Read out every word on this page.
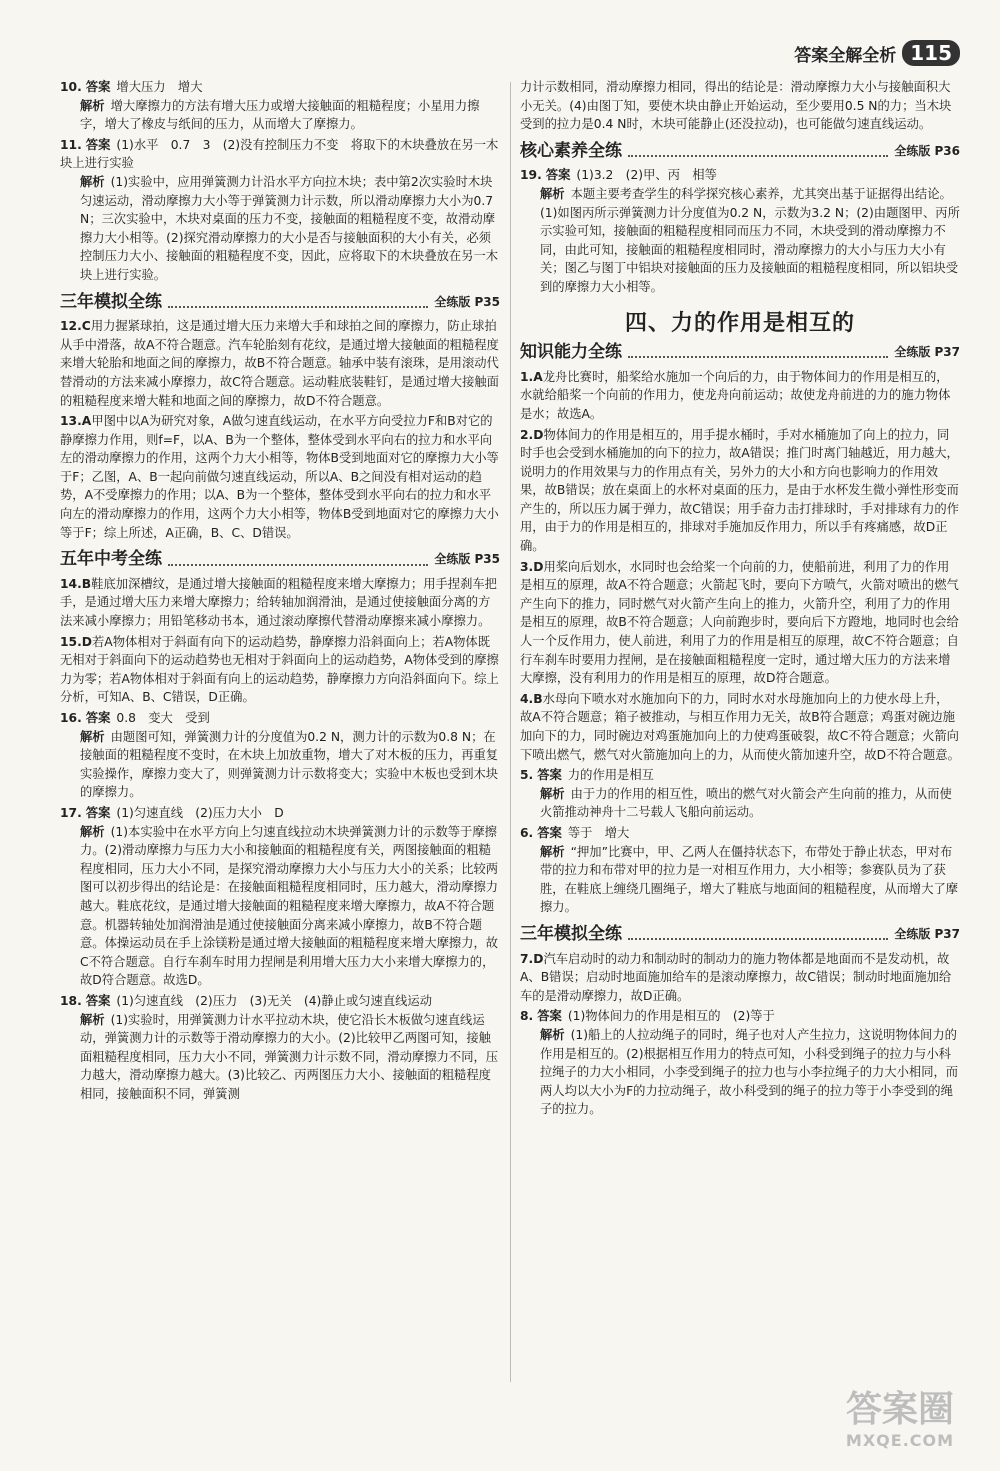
答案全解全析 115
10. 答案 增大压力　增大
解析 增大摩擦力的方法有增大压力或增大接触面的粗糙程度；小星用力擦字，增大了橡皮与纸间的压力，从而增大了摩擦力。
11. 答案 (1)水平　0.7　3　(2)没有控制压力不变　将取下的木块叠放在另一木块上进行实验
解析 (1)实验中，应用弹簧测力计沿水平方向拉木块；表中第2次实验时木块匀速运动，滑动摩擦力大小等于弹簧测力计示数，所以滑动摩擦力大小为0.7 N；三次实验中，木块对桌面的压力不变，接触面的粗糙程度不变，故滑动摩擦力大小相等。(2)探究滑动摩擦力的大小是否与接触面积的大小有关，必须控制压力大小、接触面的粗糙程度不变，因此，应将取下的木块叠放在另一木块上进行实验。
三年模拟全练	全练版 P35
12.C用力握紧球拍，这是通过增大压力来增大手和球拍之间的摩擦力，防止球拍从手中滑落，故A不符合题意。汽车轮胎刻有花纹，是通过增大接触面的粗糙程度来增大轮胎和地面之间的摩擦力，故B不符合题意。轴承中装有滚珠，是用滚动代替滑动的方法来减小摩擦力，故C符合题意。运动鞋底装鞋钉，是通过增大接触面的粗糙程度来增大鞋和地面之间的摩擦力，故D不符合题意。
13.A甲图中以A为研究对象，A做匀速直线运动，在水平方向受拉力F和B对它的静摩擦力作用，则f=F，以A、B为一个整体，整体受到水平向右的拉力和水平向左的滑动摩擦力的作用，这两个力大小相等，物体B受到地面对它的摩擦力大小等于F；乙图，A、B一起向前做匀速直线运动，所以A、B之间没有相对运动的趋势，A不受摩擦力的作用；以A、B为一个整体，整体受到水平向右的拉力和水平向左的滑动摩擦力的作用，这两个力大小相等，物体B受到地面对它的摩擦力大小等于F；综上所述，A正确，B、C、D错误。
五年中考全练	全练版 P35
14.B鞋底加深槽纹，是通过增大接触面的粗糙程度来增大摩擦力；用手捏刹车把手，是通过增大压力来增大摩擦力；给转轴加润滑油，是通过使接触面分离的方法来减小摩擦力；用铅笔移动书本，通过滚动摩擦代替滑动摩擦来减小摩擦力。
15.D若A物体相对于斜面有向下的运动趋势，静摩擦力沿斜面向上；若A物体既无相对于斜面向下的运动趋势也无相对于斜面向上的运动趋势，A物体受到的摩擦力为零；若A物体相对于斜面有向上的运动趋势，静摩擦力方向沿斜面向下。综上分析，可知A、B、C错误，D正确。
16. 答案 0.8　变大　受到
解析 由题图可知，弹簧测力计的分度值为0.2 N，测力计的示数为0.8 N；在接触面的粗糙程度不变时，在木块上加放重物，增大了对木板的压力，再重复实验操作，摩擦力变大了，则弹簧测力计示数将变大；实验中木板也受到木块的摩擦力。
17. 答案 (1)匀速直线　(2)压力大小　D
解析 (1)本实验中在水平方向上匀速直线拉动木块弹簧测力计的示数等于摩擦力。(2)滑动摩擦力与压力大小和接触面的粗糙程度有关，两图接触面的粗糙程度相同，压力大小不同，是探究滑动摩擦力大小与压力大小的关系；比较两图可以初步得出的结论是：在接触面粗糙程度相同时，压力越大，滑动摩擦力越大。鞋底花纹，是通过增大接触面的粗糙程度来增大摩擦力，故A不符合题意。机器转轴处加润滑油是通过使接触面分离来减小摩擦力，故B不符合题意。体操运动员在手上涂镁粉是通过增大接触面的粗糙程度来增大摩擦力，故C不符合题意。自行车刹车时用力捏闸是利用增大压力大小来增大摩擦力的，故D符合题意。故选D。
18. 答案 (1)匀速直线　(2)压力　(3)无关　(4)静止或匀速直线运动
解析 (1)实验时，用弹簧测力计水平拉动木块，使它沿长木板做匀速直线运动，弹簧测力计的示数等于滑动摩擦力的大小。(2)比较甲乙两图可知，接触面粗糙程度相同，压力大小不同，弹簧测力计示数不同，滑动摩擦力不同，压力越大，滑动摩擦力越大。(3)比较乙、丙两图压力大小、接触面的粗糙程度相同，接触面积不同，弹簧测
力计示数相同，滑动摩擦力相同，得出的结论是：滑动摩擦力大小与接触面积大小无关。(4)由图丁知，要使木块由静止开始运动，至少要用0.5 N的力；当木块受到的拉力是0.4 N时，木块可能静止(还没拉动)，也可能做匀速直线运动。
核心素养全练	全练版 P36
19. 答案 (1)3.2　(2)甲、丙　相等
解析 本题主要考查学生的科学探究核心素养，尤其突出基于证据得出结论。(1)如图丙所示弹簧测力计分度值为0.2 N，示数为3.2 N；(2)由题图甲、丙所示实验可知，接触面的粗糙程度相同而压力不同，木块受到的滑动摩擦力不同，由此可知，接触面的粗糙程度相同时，滑动摩擦力的大小与压力大小有关；图乙与图丁中铝块对接触面的压力及接触面的粗糙程度相同，所以铝块受到的摩擦力大小相等。
四、力的作用是相互的
知识能力全练	全练版 P37
1.A龙舟比赛时，船桨给水施加一个向后的力，由于物体间力的作用是相互的，水就给船桨一个向前的作用力，使龙舟向前运动；故使龙舟前进的力的施力物体是水；故选A。
2.D物体间力的作用是相互的，用手提水桶时，手对水桶施加了向上的拉力，同时手也会受到水桶施加的向下的拉力，故A错误；推门时离门轴越近，用力越大，说明力的作用效果与力的作用点有关，另外力的大小和方向也影响力的作用效果，故B错误；放在桌面上的水杯对桌面的压力，是由于水杯发生微小弹性形变而产生的，所以压力属于弹力，故C错误；用手奋力击打排球时，手对排球有力的作用，由于力的作用是相互的，排球对手施加反作用力，所以手有疼痛感，故D正确。
3.D用桨向后划水，水同时也会给桨一个向前的力，使船前进，利用了力的作用是相互的原理，故A不符合题意；火箭起飞时，要向下方喷气，火箭对喷出的燃气产生向下的推力，同时燃气对火箭产生向上的推力，火箭升空，利用了力的作用是相互的原理，故B不符合题意；人向前跑步时，要向后下方蹬地，地同时也会给人一个反作用力，使人前进，利用了力的作用是相互的原理，故C不符合题意；自行车刹车时要用力捏闸，是在接触面粗糙程度一定时，通过增大压力的方法来增大摩擦，没有利用力的作用是相互的原理，故D符合题意。
4.B水母向下喷水对水施加向下的力，同时水对水母施加向上的力使水母上升，故A不符合题意；箱子被推动，与相互作用力无关，故B符合题意；鸡蛋对碗边施加向下的力，同时碗边对鸡蛋施加向上的力使鸡蛋破裂，故C不符合题意；火箭向下喷出燃气，燃气对火箭施加向上的力，从而使火箭加速升空，故D不符合题意。
5. 答案 力的作用是相互
解析 由于力的作用的相互性，喷出的燃气对火箭会产生向前的推力，从而使火箭推动神舟十二号载人飞船向前运动。
6. 答案 等于　增大
解析 “押加”比赛中，甲、乙两人在僵持状态下，布带处于静止状态，甲对布带的拉力和布带对甲的拉力是一对相互作用力，大小相等；参赛队员为了获胜，在鞋底上缠绕几圈绳子，增大了鞋底与地面间的粗糙程度，从而增大了摩擦力。
三年模拟全练	全练版 P37
7.D汽车启动时的动力和制动时的制动力的施力物体都是地面而不是发动机，故A、B错误；启动时地面施加给车的是滚动摩擦力，故C错误；制动时地面施加给车的是滑动摩擦力，故D正确。
8. 答案 (1)物体间力的作用是相互的　(2)等于
解析 (1)船上的人拉动绳子的同时，绳子也对人产生拉力，这说明物体间力的作用是相互的。(2)根据相互作用力的特点可知，小科受到绳子的拉力与小科拉绳子的力大小相同，小李受到绳子的拉力也与小李拉绳子的力大小相同，而两人均以大小为F的力拉动绳子，故小科受到的绳子的拉力等于小李受到的绳子的拉力。
答案圈
MXQE.COM
